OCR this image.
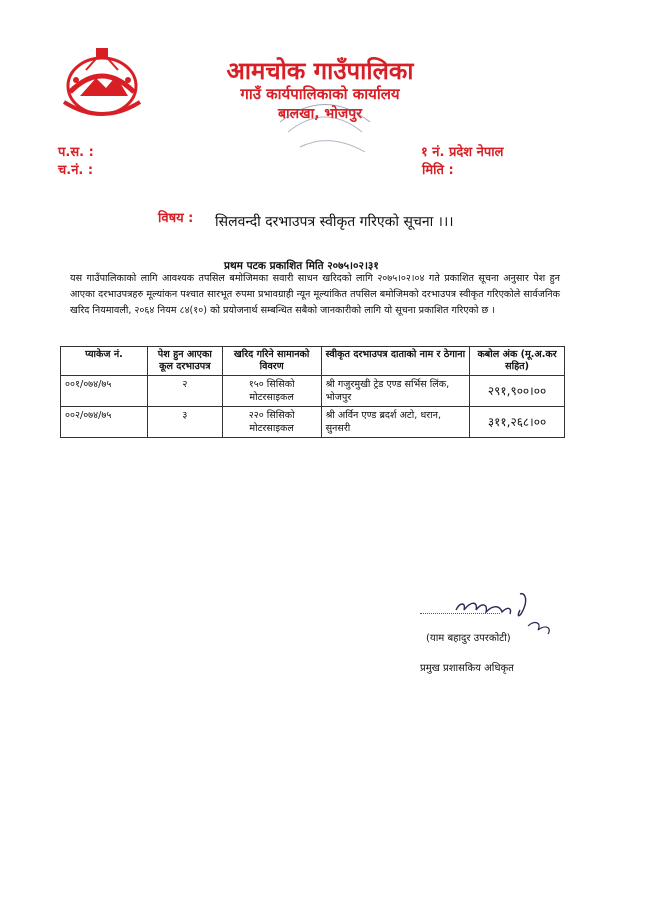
आमचोक गाउँपालिका
गाउँ कार्यपालिकाको कार्यालय
बालखा, भोजपुर
प.स. :
च.नं. :
१ नं. प्रदेश नेपाल
मिति :
विषय : सिलवन्दी दरभाउपत्र स्वीकृत गरिएको सूचना ।।।
प्रथम पटक प्रकाशित मिति २०७५।०२।३१
यस गाउँपालिकाको लागि आवश्यक तपसिल बमोजिमका सवारी साधन खरिदको लागि २०७५।०२।०४ गते प्रकाशित सूचना अनुसार पेश हुन आएका दरभाउपत्रहरु मूल्यांकन पश्चात सारभूत रुपमा प्रभावग्राही न्यून मूल्यांकित तपसिल बमोजिमको दरभाउपत्र स्वीकृत गरिएकोले सार्वजनिक खरिद नियमावली, २०६४ नियम ८४(१०) को प्रयोजनार्थ सम्बन्धित सबैको जानकारीको लागि यो सूचना प्रकाशित गरिएको छ ।
प्याकेज नं.	पेश हुन आएका कूल दरभाउपत्र	खरिद गरिने सामानको विवरण	स्वीकृत दरभाउपत्र दाताको नाम र ठेगाना	कबोल अंक (मू.अ.कर सहित)
००१/०७४/७५	२	१५० सिसिको मोटरसाइकल	श्री गजुरमुखी ट्रेड एण्ड सर्भिस लिंक, भोजपुर	२९१,९००।००
००२/०७४/७५	३	२२० सिसिको मोटरसाइकल	श्री अर्विन एण्ड ब्रदर्श अटो, धरान, सुनसरी	३११,२६८।००
(याम बहादुर उपरकोटी)
प्रमुख प्रशासकिय अधिकृत
